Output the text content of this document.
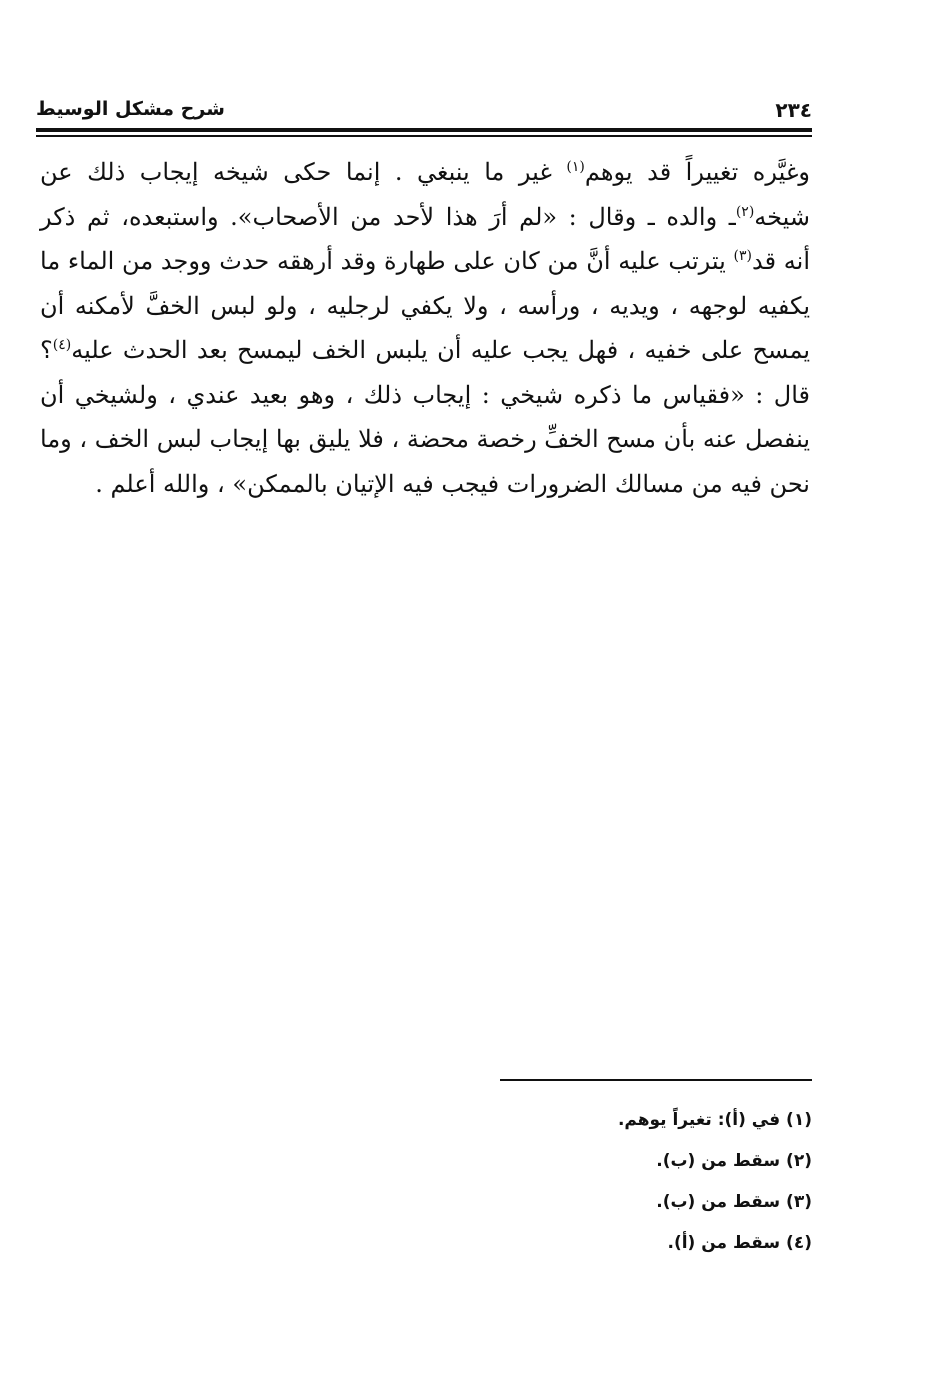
٢٣٤
شرح مشكل الوسيط
وغيَّره تغييراً قد يوهم$^{(١)}$ غير ما ينبغي . إنما حكى شيخه إيجاب ذلك عن
شيخه$^{(٢)}$ـ والده ـ وقال : «لم أرَ هذا لأحد من الأصحاب». واستبعده، ثم ذكر
أنه قد$^{(٣)}$ يترتب عليه أنَّ من كان على طهارة وقد أرهقه حدث ووجد من الماء ما
يكفيه لوجهه ، ويديه ، ورأسه ، ولا يكفي لرجليه ، ولو لبس الخفَّ لأمكنه أن
يمسح على خفيه ، فهل يجب عليه أن يلبس الخف ليمسح بعد الحدث عليه$^{(٤)}$؟
قال : «فقياس ما ذكره شيخي : إيجاب ذلك ، وهو بعيد عندي ، ولشيخي أن
ينفصل عنه بأن مسح الخفِّ رخصة محضة ، فلا يليق بها إيجاب لبس الخف ، وما
نحن فيه من مسالك الضرورات فيجب فيه الإتيان بالممكن» ، والله أعلم .
(١) في (أ): تغيراً يوهم.
(٢) سقط من (ب).
(٣) سقط من (ب).
(٤) سقط من (أ).
